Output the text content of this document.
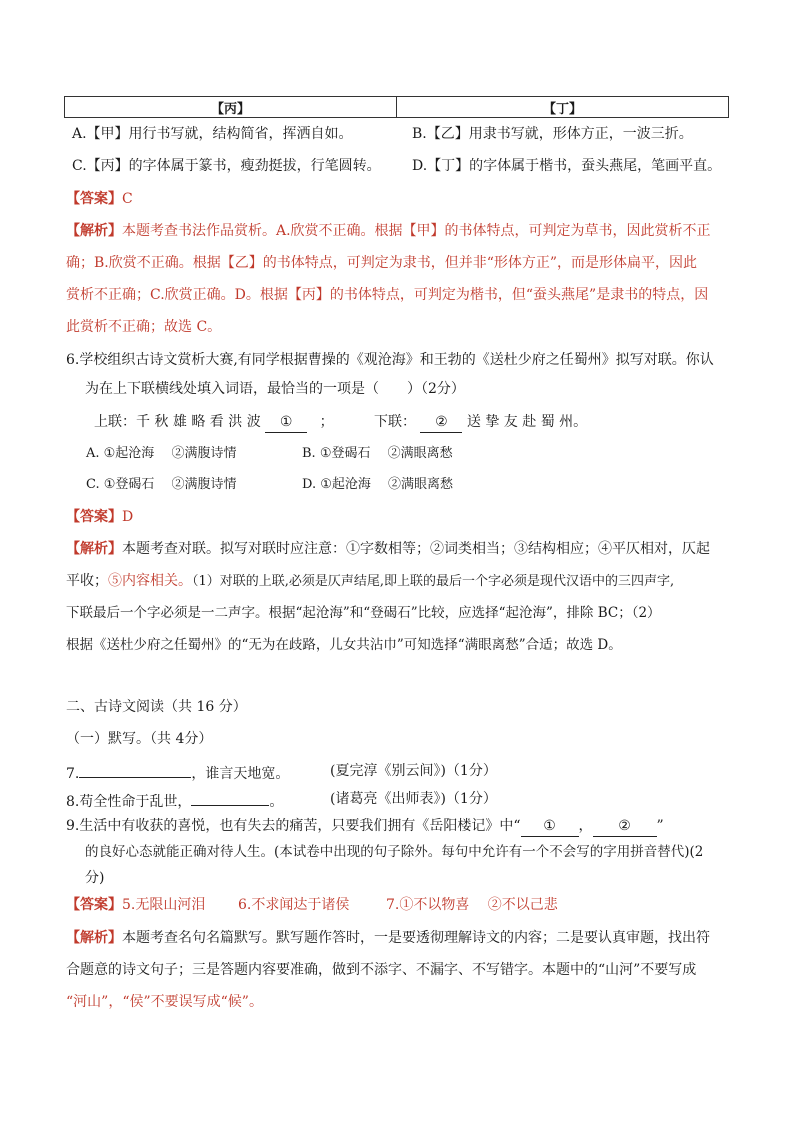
【丙】	【丁】
A.【甲】用行书写就，结构简省，挥洒自如。	B.【乙】用隶书写就，形体方正，一波三折。
C.【丙】的字体属于篆书，瘦劲挺拔，行笔圆转。 D.【丁】的字体属于楷书，蚕头燕尾，笔画平直。
【答案】C
【解析】本题考查书法作品赏析。A.欣赏不正确。根据【甲】的书体特点，可判定为草书，因此赏析不正
确；B.欣赏不正确。根据【乙】的书体特点，可判定为隶书，但并非“形体方正”，而是形体扁平，因此
赏析不正确；C.欣赏正确。D。根据【丙】的书体特点，可判定为楷书，但“蚕头燕尾”是隶书的特点，因
此赏析不正确；故选 C。
6.学校组织古诗文赏析大赛,有同学根据曹操的《观沧海》和王勃的《送杜少府之任蜀州》拟写对联。你认
为在上下联横线处填入词语，最恰当的一项是（　　）（2分）
上联：千 秋 雄 略 看 洪 波 ① ；	下联： ② 送 挚 友 赴 蜀 州。
A. ①起沧海　 ②满腹诗情	B. ①登碣石　 ②满眼离愁
C. ①登碣石　 ②满腹诗情	D. ①起沧海　 ②满眼离愁
【答案】D
【解析】本题考查对联。拟写对联时应注意：①字数相等；②词类相当；③结构相应；④平仄相对，仄起
平收；⑤内容相关。（1）对联的上联,必须是仄声结尾,即上联的最后一个字必须是现代汉语中的三四声字,
下联最后一个字必须是一二声字。根据“起沧海”和“登碣石”比较，应选择“起沧海”，排除 BC；（2）
根据《送杜少府之任蜀州》的“无为在歧路，儿女共沾巾”可知选择“满眼离愁”合适；故选 D。
二、古诗文阅读（共 16 分）
（一）默写。（共 4分）
7.	，谁言天地宽。	(夏完淳《别云间》)（1分）
8.苟全性命于乱世，	。	(诸葛亮《出师表》)（1分）
9.生活中有收获的喜悦，也有失去的痛苦，只要我们拥有《岳阳楼记》中“ ① ， ② ”
的良好心态就能正确对待人生。(本试卷中出现的句子除外。每句中允许有一个不会写的字用拼音替代)(2
分)
【答案】5.无限山河泪 6.不求闻达于诸侯	7.①不以物喜　 ②不以己悲
【解析】本题考查名句名篇默写。默写题作答时，一是要透彻理解诗文的内容；二是要认真审题，找出符
合题意的诗文句子；三是答题内容要准确，做到不添字、不漏字、不写错字。本题中的“山河”不要写成
“河山”，“侯”不要误写成“候”。
